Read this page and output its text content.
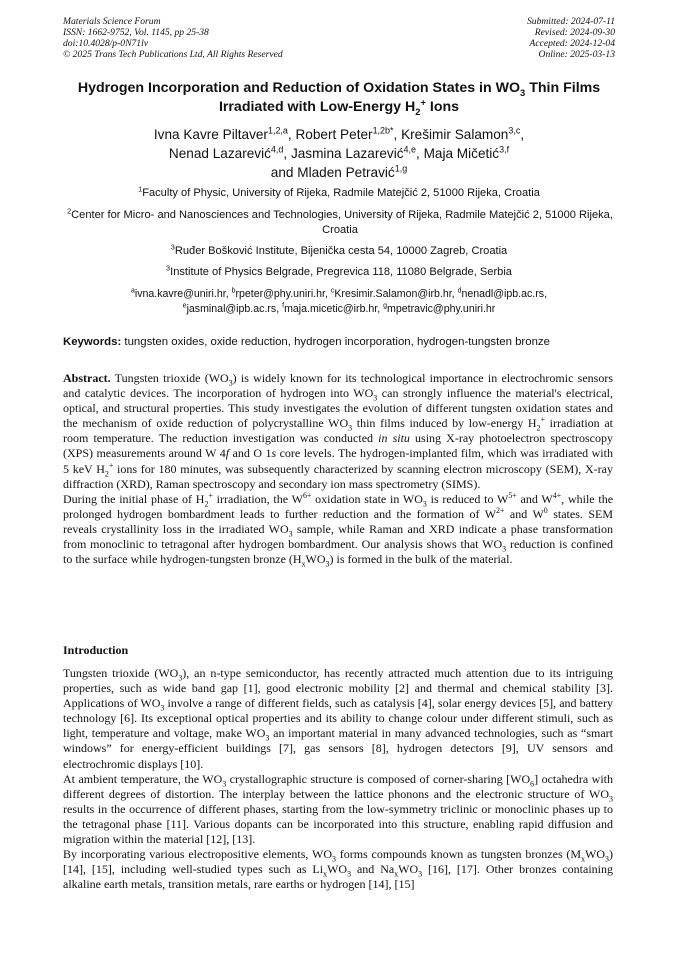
Materials Science Forum
ISSN: 1662-9752, Vol. 1145, pp 25-38
doi:10.4028/p-0N71lv
© 2025 Trans Tech Publications Ltd, All Rights Reserved
Submitted: 2024-07-11
Revised: 2024-09-30
Accepted: 2024-12-04
Online: 2025-03-13
Hydrogen Incorporation and Reduction of Oxidation States in $WO_3$ Thin Films Irradiated with Low-Energy $H_2^+$ Ions
Ivna Kavre Piltaver$^{1,2,a}$, Robert Peter$^{1,2b*}$, Krešimir Salamon$^{3,c}$,
Nenad Lazarević$^{4,d}$, Jasmina Lazarević$^{4,e}$, Maja Mičetić$^{3,f}$
and Mladen Petravić$^{1,g}$
$^1$Faculty of Physic, University of Rijeka, Radmile Matejčić 2, 51000 Rijeka, Croatia
$^2$Center for Micro- and Nanosciences and Technologies, University of Rijeka, Radmile Matejčić 2, 51000 Rijeka, Croatia
$^3$Ruđer Bošković Institute, Bijenička cesta 54, 10000 Zagreb, Croatia
$^3$Institute of Physics Belgrade, Pregrevica 118, 11080 Belgrade, Serbia
$^a$ivna.kavre@uniri.hr, $^b$rpeter@phy.uniri.hr, $^c$Kresimir.Salamon@irb.hr, $^d$nenadl@ipb.ac.rs,
$^e$jasminal@ipb.ac.rs, $^f$maja.micetic@irb.hr, $^g$mpetravic@phy.uniri.hr
Keywords: tungsten oxides, oxide reduction, hydrogen incorporation, hydrogen-tungsten bronze

Abstract. Tungsten trioxide $(WO_3)$ is widely known for its technological importance in electrochromic sensors and catalytic devices. The incorporation of hydrogen into $WO_3$ can strongly influence the material's electrical, optical, and structural properties. This study investigates the evolution of different tungsten oxidation states and the mechanism of oxide reduction of polycrystalline $WO_3$ thin films induced by low-energy $H_2^+$ irradiation at room temperature. The reduction investigation was conducted in situ using X-ray photoelectron spectroscopy (XPS) measurements around W 4f and O 1s core levels. The hydrogen-implanted film, which was irradiated with 5 keV $H_2^+$ ions for 180 minutes, was subsequently characterized by scanning electron microscopy (SEM), X-ray diffraction (XRD), Raman spectroscopy and secondary ion mass spectrometry (SIMS).

During the initial phase of $H_2^+$ irradiation, the $W^{6+}$ oxidation state in $WO_3$ is reduced to $W^{5+}$ and $W^{4+}$, while the prolonged hydrogen bombardment leads to further reduction and the formation of $W^{2+}$ and $W^0$ states. SEM reveals crystallinity loss in the irradiated $WO_3$ sample, while Raman and XRD indicate a phase transformation from monoclinic to tetragonal after hydrogen bombardment. Our analysis shows that $WO_3$ reduction is confined to the surface while hydrogen-tungsten bronze $(H_xWO_3)$ is formed in the bulk of the material.

Introduction

Tungsten trioxide $(WO_3)$, an n-type semiconductor, has recently attracted much attention due to its intriguing properties, such as wide band gap [1], good electronic mobility [2] and thermal and chemical stability [3]. Applications of $WO_3$ involve a range of different fields, such as catalysis [4], solar energy devices [5], and battery technology [6]. Its exceptional optical properties and its ability to change colour under different stimuli, such as light, temperature and voltage, make $WO_3$ an important material in many advanced technologies, such as “smart windows” for energy-efficient buildings [7], gas sensors [8], hydrogen detectors [9], UV sensors and electrochromic displays [10].

At ambient temperature, the $WO_3$ crystallographic structure is composed of corner-sharing $[WO_6]$ octahedra with different degrees of distortion. The interplay between the lattice phonons and the electronic structure of $WO_3$ results in the occurrence of different phases, starting from the low-symmetry triclinic or monoclinic phases up to the tetragonal phase [11]. Various dopants can be incorporated into this structure, enabling rapid diffusion and migration within the material [12], [13].

By incorporating various electropositive elements, $WO_3$ forms compounds known as tungsten bronzes $(M_xWO_3)$ [14], [15], including well-studied types such as $Li_xWO_3$ and $Na_xWO_3$ [16], [17]. Other bronzes containing alkaline earth metals, transition metals, rare earths or hydrogen [14], [15]
